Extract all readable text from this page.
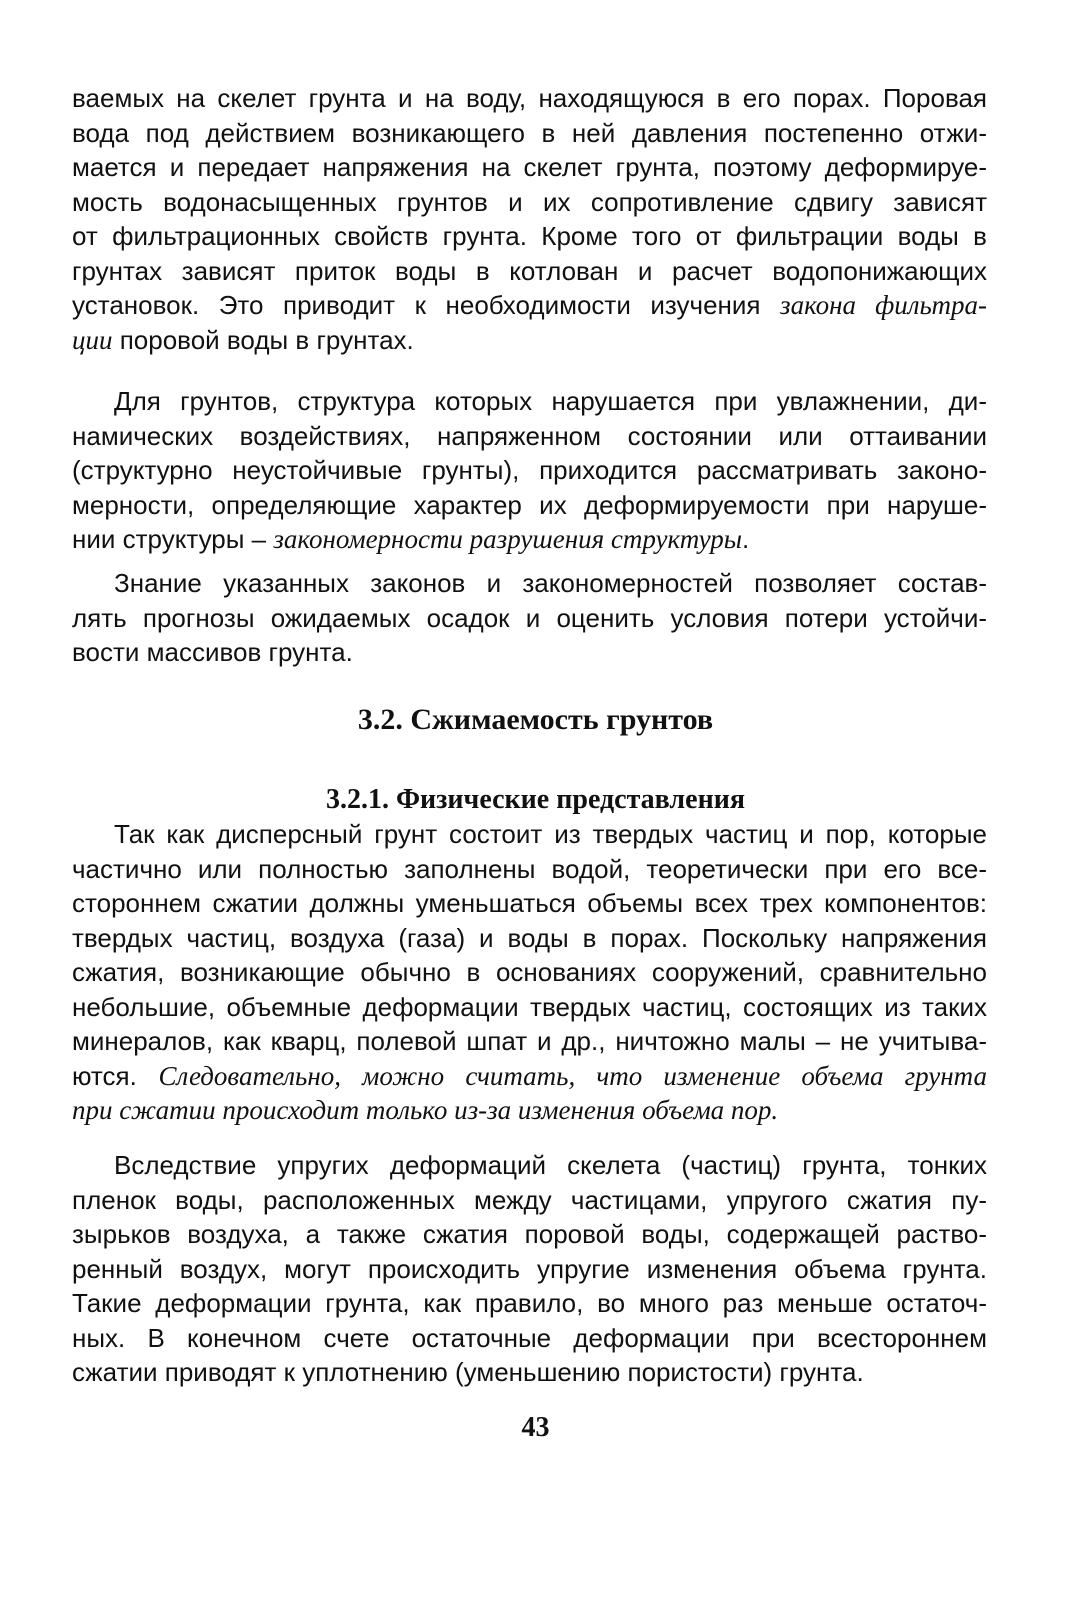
ваемых на скелет грунта и на воду, находящуюся в его порах. Поровая
вода под действием возникающего в ней давления постепенно отжи-
мается и передает напряжения на скелет грунта, поэтому деформируе-
мость водонасыщенных грунтов и их сопротивление сдвигу зависят
от фильтрационных свойств грунта. Кроме того от фильтрации воды в
грунтах зависят приток воды в котлован и расчет водопонижающих
установок. Это приводит к необходимости изучения закона фильтра-
ции поровой воды в грунтах.
Для грунтов, структура которых нарушается при увлажнении, ди-
намических воздействиях, напряженном состоянии или оттаивании
(структурно неустойчивые грунты), приходится рассматривать законо-
мерности, определяющие характер их деформируемости при наруше-
нии структуры – закономерности разрушения структуры.
Знание указанных законов и закономерностей позволяет состав-
лять прогнозы ожидаемых осадок и оценить условия потери устойчи-
вости массивов грунта.
3.2. Сжимаемость грунтов
3.2.1. Физические представления
Так как дисперсный грунт состоит из твердых частиц и пор, которые
частично или полностью заполнены водой, теоретически при его все-
стороннем сжатии должны уменьшаться объемы всех трех компонентов:
твердых частиц, воздуха (газа) и воды в порах. Поскольку напряжения
сжатия, возникающие обычно в основаниях сооружений, сравнительно
небольшие, объемные деформации твердых частиц, состоящих из таких
минералов, как кварц, полевой шпат и др., ничтожно малы – не учитыва-
ются. Следовательно, можно считать, что изменение объема грунта
при сжатии происходит только из-за изменения объема пор.
Вследствие упругих деформаций скелета (частиц) грунта, тонких
пленок воды, расположенных между частицами, упругого сжатия пу-
зырьков воздуха, а также сжатия поровой воды, содержащей раство-
ренный воздух, могут происходить упругие изменения объема грунта.
Такие деформации грунта, как правило, во много раз меньше остаточ-
ных. В конечном счете остаточные деформации при всестороннем
сжатии приводят к уплотнению (уменьшению пористости) грунта.
43
